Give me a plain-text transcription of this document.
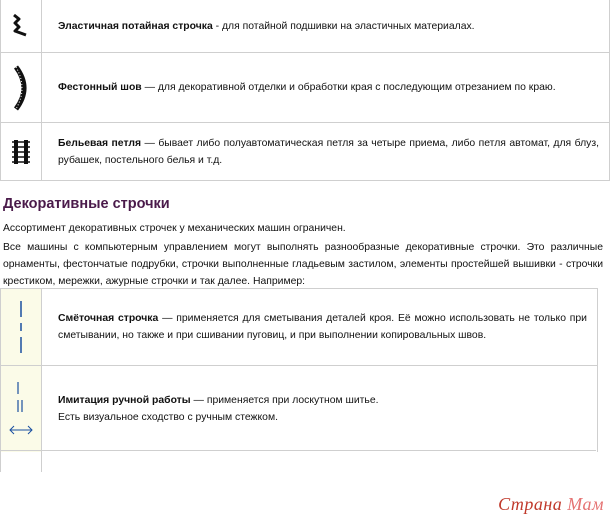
Эластичная потайная строчка - для потайной подшивки на эластичных материалах.
Фестонный шов — для декоративной отделки и обработки края с последующим отрезанием по краю.
Бельевая петля — бывает либо полуавтоматическая петля за четыре приема, либо петля автомат, для блуз, рубашек, постельного белья и т.д.
Декоративные строчки
Ассортимент декоративных строчек у механических машин ограничен.
Все машины с компьютерным управлением могут выполнять разнообразные декоративные строчки. Это различные орнаменты, фестончатые подрубки, строчки выполненные гладьевым застилом, элементы простейшей вышивки - строчки крестиком, мережки, ажурные строчки и так далее. Например:
Смёточная строчка — применяется для сметывания деталей кроя. Её можно использовать не только при сметывании, но также и при сшивании пуговиц, и при выполнении копировальных швов.
Имитация ручной работы — применяется при лоскутном шитье.
Есть визуальное сходство с ручным стежком.
Страна Мам
